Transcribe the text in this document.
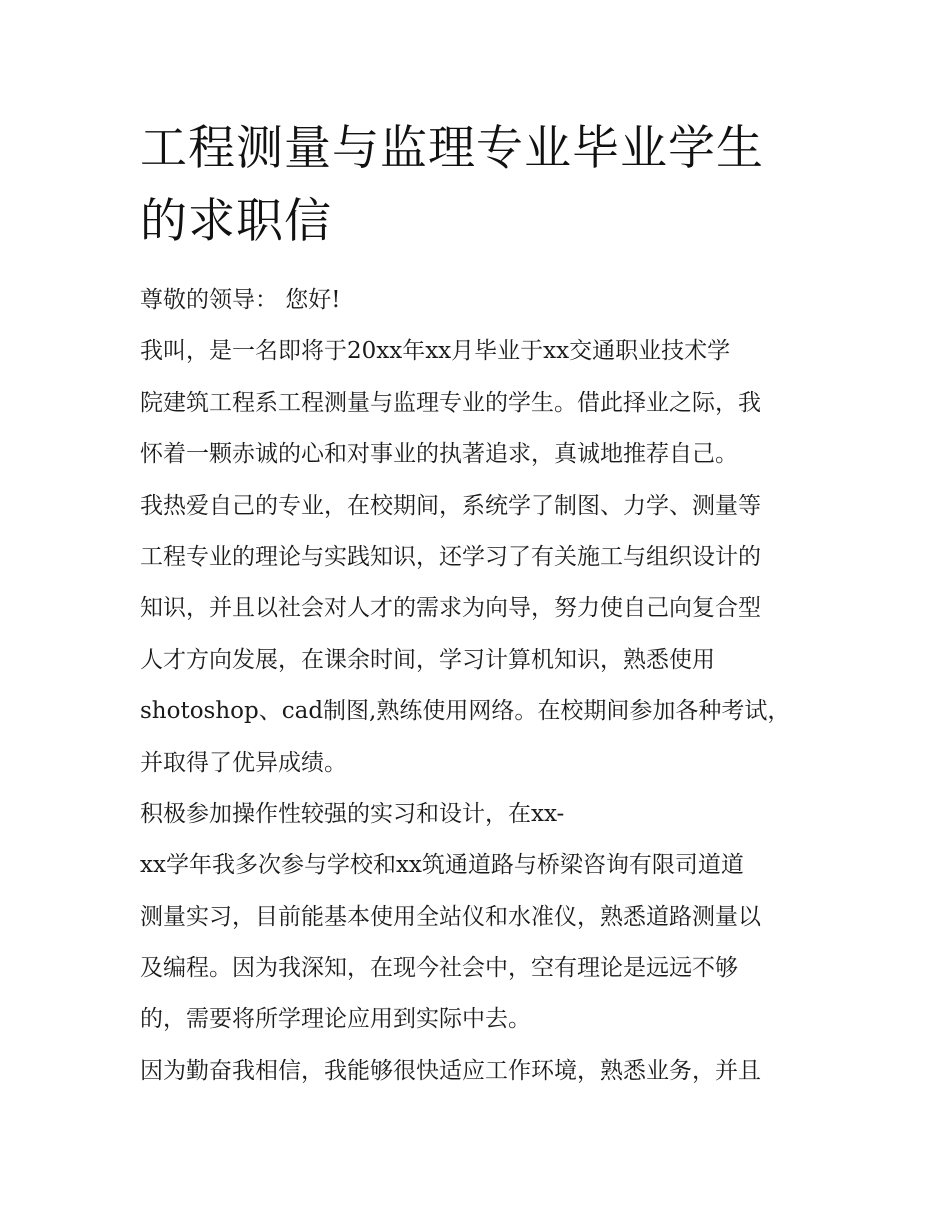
工程测量与监理专业毕业学生
的求职信
尊敬的领导： 您好!
我叫，是一名即将于20xx年xx月毕业于xx交通职业技术学
院建筑工程系工程测量与监理专业的学生。借此择业之际，我
怀着一颗赤诚的心和对事业的执著追求，真诚地推荐自己。
我热爱自己的专业，在校期间，系统学了制图、力学、测量等
工程专业的理论与实践知识，还学习了有关施工与组织设计的
知识，并且以社会对人才的需求为向导，努力使自己向复合型
人才方向发展，在课余时间，学习计算机知识，熟悉使用
shotoshop、cad制图,熟练使用网络。在校期间参加各种考试，
并取得了优异成绩。
积极参加操作性较强的实习和设计，在xx-
xx学年我多次参与学校和xx筑通道路与桥梁咨询有限司道道
测量实习，目前能基本使用全站仪和水准仪，熟悉道路测量以
及编程。因为我深知，在现今社会中，空有理论是远远不够
的，需要将所学理论应用到实际中去。
因为勤奋我相信，我能够很快适应工作环境，熟悉业务，并且
